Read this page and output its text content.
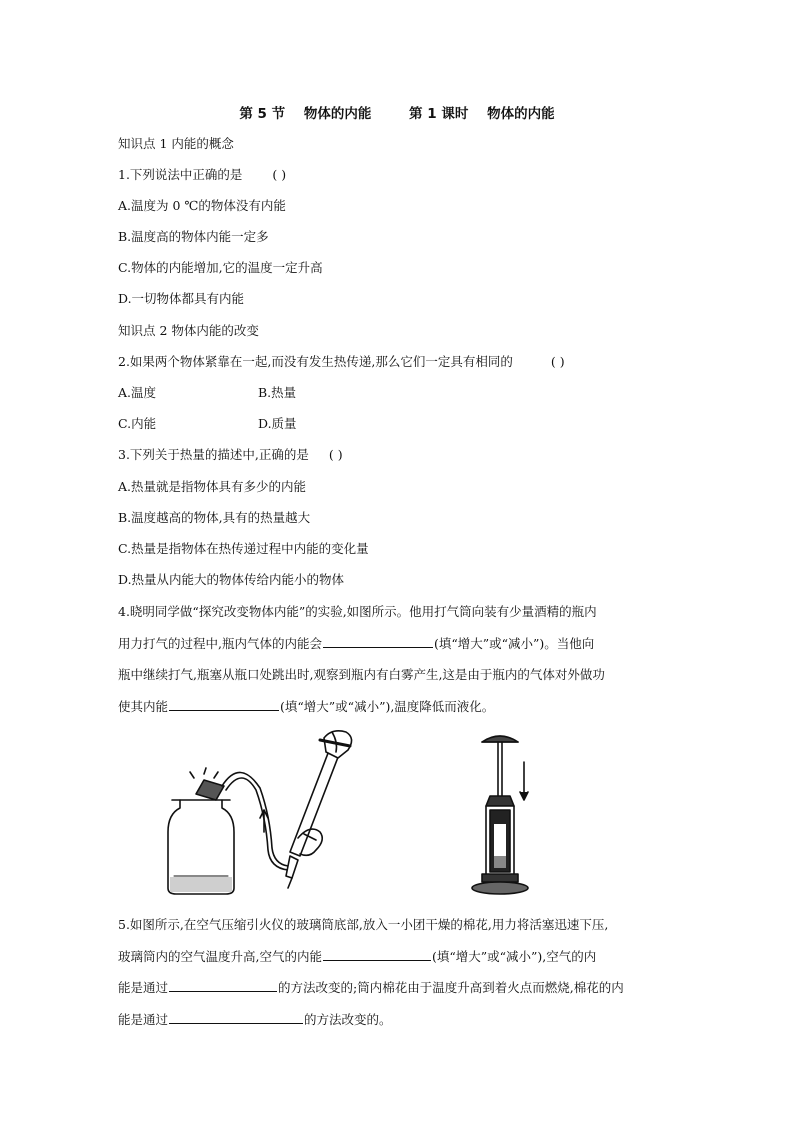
第 5 节    物体的内能        第 1 课时    物体的内能
知识点 1 内能的概念
1.下列说法中正确的是 ( )
A.温度为 0 ℃的物体没有内能
B.温度高的物体内能一定多
C.物体的内能增加,它的温度一定升高
D.一切物体都具有内能
知识点 2 物体内能的改变
2.如果两个物体紧靠在一起,而没有发生热传递,那么它们一定具有相同的	( )
A.温度	B.热量
C.内能	D.质量
3.下列关于热量的描述中,正确的是 ( )
A.热量就是指物体具有多少的内能
B.温度越高的物体,具有的热量越大
C.热量是指物体在热传递过程中内能的变化量
D.热量从内能大的物体传给内能小的物体
4.晓明同学做“探究改变物体内能”的实验,如图所示。他用打气筒向装有少量酒精的瓶内
用力打气的过程中,瓶内气体的内能会	(填“增大”或“减小”)。当他向
瓶中继续打气,瓶塞从瓶口处跳出时,观察到瓶内有白雾产生,这是由于瓶内的气体对外做功
使其内能	(填“增大”或“减小”),温度降低而液化。
5.如图所示,在空气压缩引火仪的玻璃筒底部,放入一小团干燥的棉花,用力将活塞迅速下压,
玻璃筒内的空气温度升高,空气的内能	(填“增大”或“减小”),空气的内
能是通过	的方法改变的;筒内棉花由于温度升高到着火点而燃烧,棉花的内
能是通过	的方法改变的。
